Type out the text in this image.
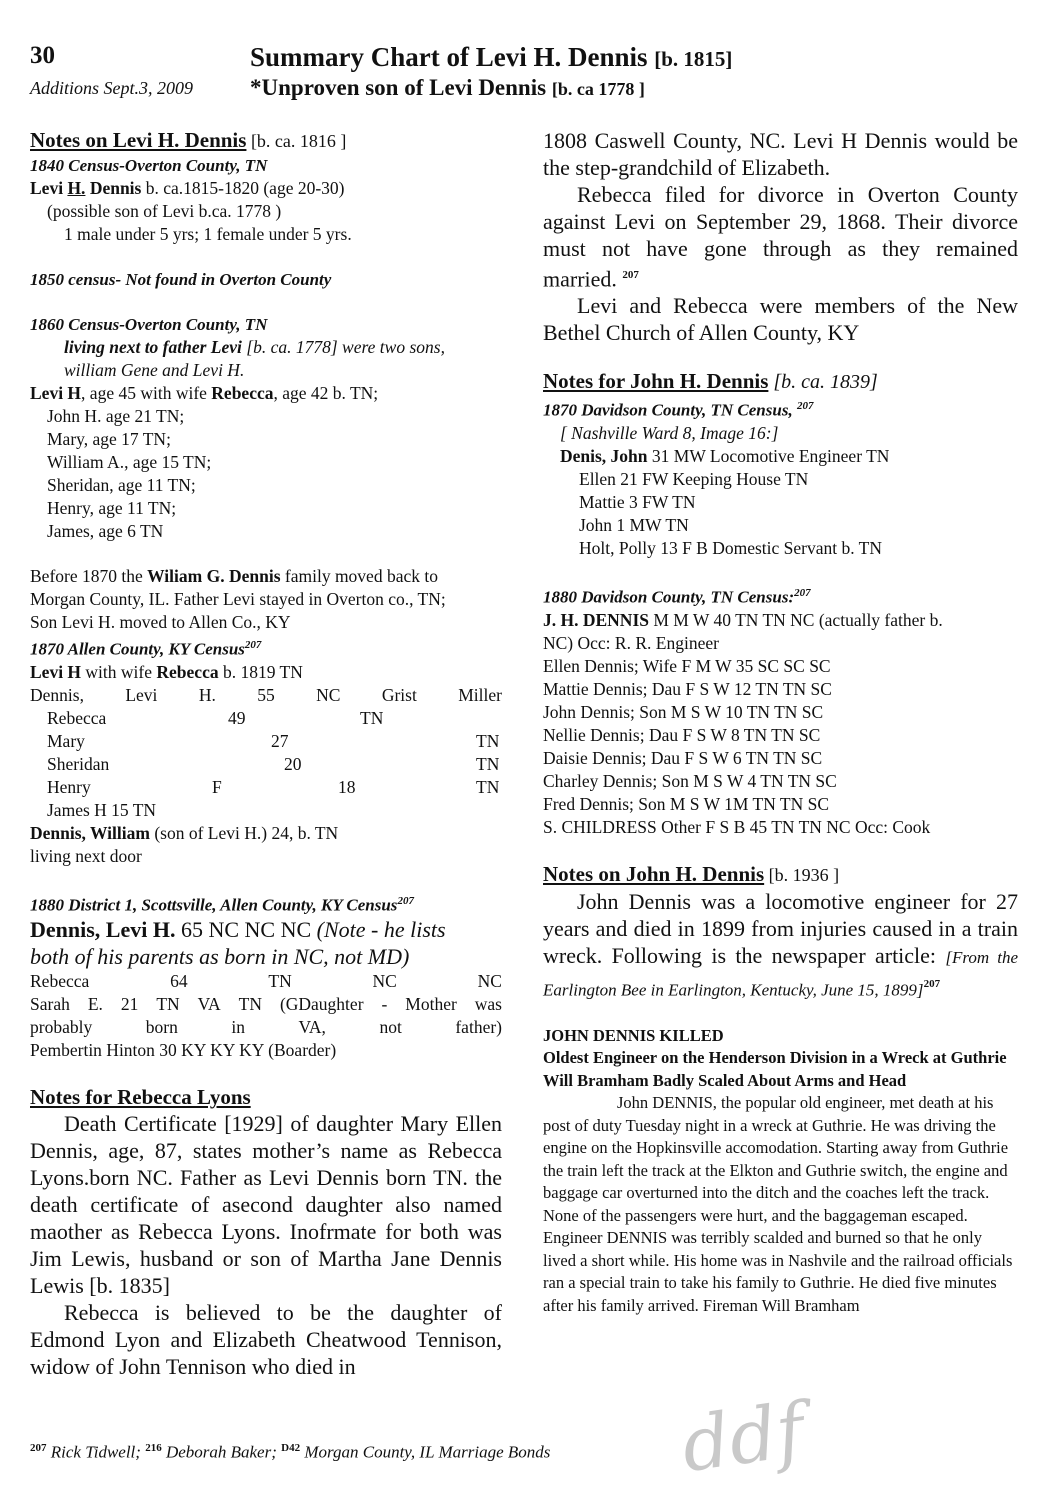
30
Additions Sept.3, 2009
Summary Chart of Levi H. Dennis [b. 1815]
*Unproven son of Levi Dennis [b. ca 1778 ]
Notes on Levi H. Dennis [b. ca. 1816 ]
1840 Census-Overton County, TN
Levi H. Dennis b. ca.1815-1820 (age 20-30)
(possible son of Levi b.ca. 1778 )
1 male under 5 yrs; 1 female under 5 yrs.
1850 census- Not found in Overton County
1860 Census-Overton County, TN
living next to father Levi [b. ca. 1778] were two sons,
william Gene and Levi H.
Levi H, age 45 with wife Rebecca, age 42 b. TN;
John H. age 21 TN;
Mary, age 17 TN;
William A., age 15 TN;
Sheridan, age 11 TN;
Henry, age 11 TN;
James, age 6 TN
Before 1870 the Wiliam G. Dennis family moved back to
Morgan County, IL. Father Levi stayed in Overton co., TN;
Son Levi H. moved to Allen Co., KY
1870 Allen County, KY Census$^{207}$
Levi H with wife Rebecca b. 1819 TN
Dennis, Levi H. 55 NC Grist Miller
Rebecca	49	TN
Mary	27	TN
Sheridan	20	TN
Henry	F	18	TN
James H 15 TN
Dennis, William (son of Levi H.) 24, b. TN
living next door
1880 District 1, Scottsville, Allen County, KY Census$^{207}$
Dennis, Levi H. 65 NC NC NC (Note - he lists
both of his parents as born in NC, not MD)
Rebecca	64	TN	NC	NC
Sarah E. 21 TN VA TN (GDaughter - Mother was
probably	born	in	VA,	not	father)
Pembertin Hinton 30 KY KY KY (Boarder)
Notes for Rebecca Lyons
Death Certificate [1929] of daughter Mary Ellen Dennis, age, 87, states mother’s name as Rebecca Lyons.born NC. Father as Levi Dennis born TN. the death certificate of asecond daughter also named maother as Rebecca Lyons. Inofrmate for both was Jim Lewis, husband or son of Martha Jane Dennis Lewis [b. 1835]
Rebecca is believed to be the daughter of Edmond Lyon and Elizabeth Cheatwood Tennison, widow of John Tennison who died in
1808 Caswell County, NC. Levi H Dennis would be the step-grandchild of Elizabeth.
Rebecca filed for divorce in Overton County against Levi on September 29, 1868. Their divorce must not have gone through as they remained married. $^{207}$
Levi and Rebecca were members of the New Bethel Church of Allen County, KY
Notes for John H. Dennis [b. ca. 1839]
1870 Davidson County, TN Census, $^{207}$
[ Nashville Ward 8, Image 16:]
Denis, John 31 MW Locomotive Engineer TN
Ellen 21 FW Keeping House TN
Mattie 3 FW TN
John 1 MW TN
Holt, Polly 13 F B Domestic Servant b. TN
1880 Davidson County, TN Census:$^{207}$
J. H. DENNIS M M W 40 TN TN NC (actually father b.
NC) Occ: R. R. Engineer
Ellen Dennis; Wife F M W 35 SC SC SC
Mattie Dennis; Dau F S W 12 TN TN SC
John Dennis; Son M S W 10 TN TN SC
Nellie Dennis; Dau F S W 8 TN TN SC
Daisie Dennis; Dau F S W 6 TN TN SC
Charley Dennis; Son M S W 4 TN TN SC
Fred Dennis; Son M S W 1M TN TN SC
S. CHILDRESS Other F S B 45 TN TN NC Occ: Cook
Notes on John H. Dennis [b. 1936 ]
John Dennis was a locomotive engineer for 27 years and died in 1899 from injuries caused in a train wreck. Following is the newspaper article: [From the Earlington Bee in Earlington, Kentucky, June 15, 1899]$^{207}$
JOHN DENNIS KILLED
Oldest Engineer on the Henderson Division in a Wreck at Guthrie
Will Bramham Badly Scaled About Arms and Head
John DENNIS, the popular old engineer, met death at his post of duty Tuesday night in a wreck at Guthrie. He was driving the engine on the Hopkinsville accomodation. Starting away from Guthrie the train left the track at the Elkton and Guthrie switch, the engine and baggage car overturned into the ditch and the coaches left the track. None of the passengers were hurt, and the baggageman escaped. Engineer DENNIS was terribly scalded and burned so that he only lived a short while. His home was in Nashvile and the railroad officials ran a special train to take his family to Guthrie. He died five minutes after his family arrived. Fireman Will Bramham
$^{207}$ Rick Tidwell; $^{216}$ Deborah Baker; $^{D42}$ Morgan County, IL Marriage Bonds ddf
